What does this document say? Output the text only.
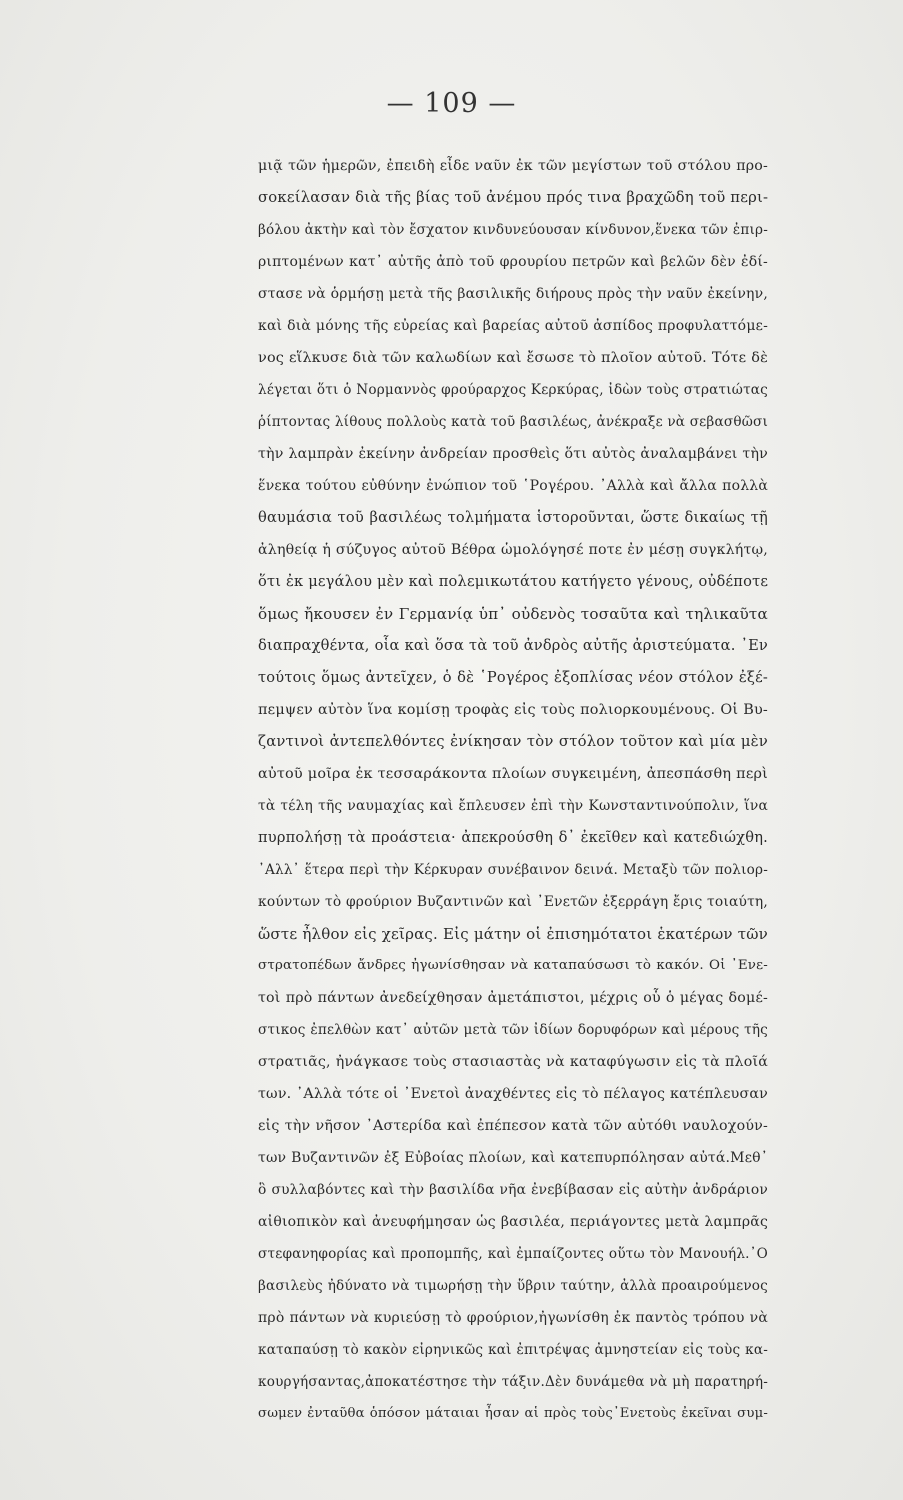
— 109 —
μιᾷ τῶν ἡμερῶν, ἐπειδὴ εἶδε ναῦν ἐκ τῶν μεγίστων τοῦ στόλου προ-
σοκείλασαν διὰ τῆς βίας τοῦ ἀνέμου πρός τινα βραχῶδη τοῦ περι-
βόλου ἀκτὴν καὶ τὸν ἔσχατον κινδυνεύουσαν κίνδυνον,ἕνεκα τῶν ἐπιρ-
ριπτομένων κατ᾽ αὐτῆς ἀπὸ τοῦ φρουρίου πετρῶν καὶ βελῶν δὲν ἐδί-
στασε νὰ ὁρμήσῃ μετὰ τῆς βασιλικῆς διήρους πρὸς τὴν ναῦν ἐκείνην,
καὶ διὰ μόνης τῆς εὐρείας καὶ βαρείας αὐτοῦ ἀσπίδος προφυλαττόμε-
νος εἵλκυσε διὰ τῶν καλωδίων καὶ ἔσωσε τὸ πλοῖον αὐτοῦ. Τότε δὲ
λέγεται ὅτι ὁ Νορμαννὸς φρούραρχος Κερκύρας, ἰδὼν τοὺς στρατιώτας
ῥίπτοντας λίθους πολλοὺς κατὰ τοῦ βασιλέως, ἀνέκραξε νὰ σεβασθῶσι
τὴν λαμπρὰν ἐκείνην ἀνδρείαν προσθεὶς ὅτι αὐτὸς ἀναλαμβάνει τὴν
ἕνεκα τούτου εὐθύνην ἐνώπιον τοῦ ῾Ρογέρου. ᾽Αλλὰ καὶ ἄλλα πολλὰ
θαυμάσια τοῦ βασιλέως τολμήματα ἱστοροῦνται, ὥστε δικαίως τῇ
ἀληθείᾳ ἡ σύζυγος αὐτοῦ Βέθρα ὡμολόγησέ ποτε ἐν μέσῃ συγκλήτῳ,
ὅτι ἐκ μεγάλου μὲν καὶ πολεμικωτάτου κατήγετο γένους, οὐδέποτε
ὅμως ἤκουσεν ἐν Γερμανίᾳ ὑπ᾽ οὐδενὸς τοσαῦτα καὶ τηλικαῦτα
διαπραχθέντα, οἷα καὶ ὅσα τὰ τοῦ ἀνδρὸς αὐτῆς ἀριστεύματα. ᾽Εν
τούτοις ὅμως ἀντεῖχεν, ὁ δὲ ῾Ρογέρος ἐξοπλίσας νέον στόλον ἐξέ-
πεμψεν αὐτὸν ἵνα κομίσῃ τροφὰς εἰς τοὺς πολιορκουμένους. Οἱ Βυ-
ζαντινοὶ ἀντεπελθόντες ἐνίκησαν τὸν στόλον τοῦτον καὶ μία μὲν
αὐτοῦ μοῖρα ἐκ τεσσαράκοντα πλοίων συγκειμένη, ἀπεσπάσθη περὶ
τὰ τέλη τῆς ναυμαχίας καὶ ἔπλευσεν ἐπὶ τὴν Κωνσταντινούπολιν, ἵνα
πυρπολήσῃ τὰ προάστεια· ἀπεκρούσθη δ᾽ ἐκεῖθεν καὶ κατεδιώχθη.
᾽Αλλ᾽ ἕτερα περὶ τὴν Κέρκυραν συνέβαινον δεινά. Μεταξὺ τῶν πολιορ-
κούντων τὸ φρούριον Βυζαντινῶν καὶ ᾽Ενετῶν ἐξερράγη ἔρις τοιαύτη,
ὥστε ἦλθον εἰς χεῖρας. Εἰς μάτην οἱ ἐπισημότατοι ἑκατέρων τῶν
στρατοπέδων ἄνδρες ἠγωνίσθησαν νὰ καταπαύσωσι τὸ κακόν. Οἱ ᾽Ενε-
τοὶ πρὸ πάντων ἀνεδείχθησαν ἀμετάπιστοι, μέχρις οὗ ὁ μέγας δομέ-
στικος ἐπελθὼν κατ᾽ αὐτῶν μετὰ τῶν ἰδίων δορυφόρων καὶ μέρους τῆς
στρατιᾶς, ἠνάγκασε τοὺς στασιαστὰς νὰ καταφύγωσιν εἰς τὰ πλοῖά
των. ᾽Αλλὰ τότε οἱ ᾽Ενετοὶ ἀναχθέντες εἰς τὸ πέλαγος κατέπλευσαν
εἰς τὴν νῆσον ᾽Αστερίδα καὶ ἐπέπεσον κατὰ τῶν αὐτόθι ναυλοχούν-
των Βυζαντινῶν ἐξ Εὐβοίας πλοίων, καὶ κατεπυρπόλησαν αὐτά.Μεθ᾽
ὃ συλλαβόντες καὶ τὴν βασιλίδα νῆα ἐνεβίβασαν εἰς αὐτὴν ἀνδράριον
αἰθιοπικὸν καὶ ἀνευφήμησαν ὡς βασιλέα, περιάγοντες μετὰ λαμπρᾶς
στεφανηφορίας καὶ προπομπῆς, καὶ ἐμπαίζοντες οὕτω τὸν Μανουήλ.᾽Ο
βασιλεὺς ἠδύνατο νὰ τιμωρήσῃ τὴν ὕβριν ταύτην, ἀλλὰ προαιρούμενος
πρὸ πάντων νὰ κυριεύσῃ τὸ φρούριον,ἠγωνίσθη ἐκ παντὸς τρόπου νὰ
καταπαύσῃ τὸ κακὸν εἰρηνικῶς καὶ ἐπιτρέψας ἀμνηστείαν εἰς τοὺς κα-
κουργήσαντας,ἀποκατέστησε τὴν τάξιν.Δὲν δυνάμεθα νὰ μὴ παρατηρή-
σωμεν ἐνταῦθα ὁπόσον μάταιαι ἦσαν αἱ πρὸς τοὺς᾽Ενετοὺς ἐκεῖναι συμ-
